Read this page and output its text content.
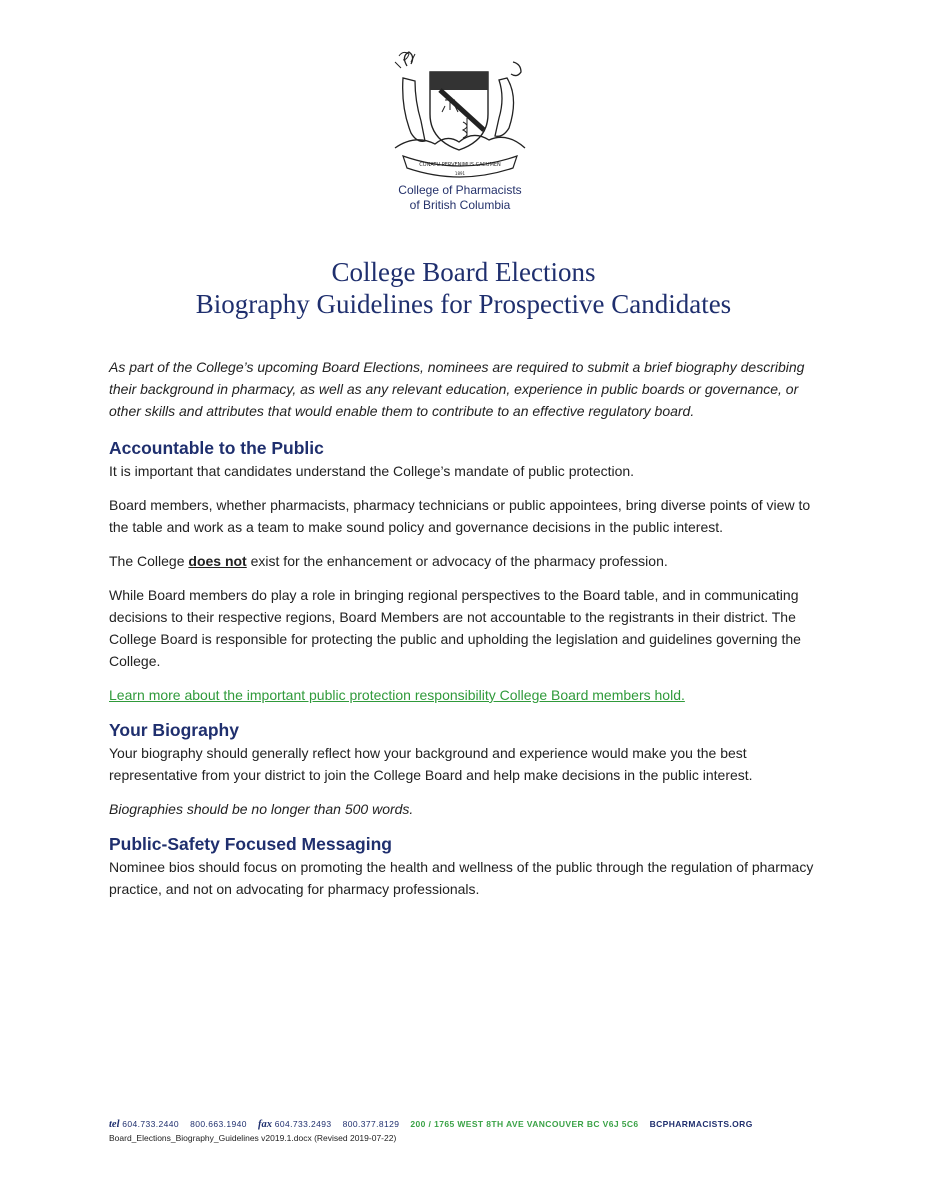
CONATU PERVENIMUS CACUMEN
1891
College of Pharmacists
of British Columbia
College Board Elections
Biography Guidelines for Prospective Candidates

As part of the College’s upcoming Board Elections, nominees are required to submit a brief biography describing their background in pharmacy, as well as any relevant education, experience in public boards or governance, or other skills and attributes that would enable them to contribute to an effective regulatory board.

Accountable to the Public

It is important that candidates understand the College’s mandate of public protection.

Board members, whether pharmacists, pharmacy technicians or public appointees, bring diverse points of view to the table and work as a team to make sound policy and governance decisions in the public interest.

The College does not exist for the enhancement or advocacy of the pharmacy profession.

While Board members do play a role in bringing regional perspectives to the Board table, and in communicating decisions to their respective regions, Board Members are not accountable to the registrants in their district. The College Board is responsible for protecting the public and upholding the legislation and guidelines governing the College.

Learn more about the important public protection responsibility College Board members hold.

Your Biography

Your biography should generally reflect how your background and experience would make you the best representative from your district to join the College Board and help make decisions in the public interest.

Biographies should be no longer than 500 words.

Public-Safety Focused Messaging

Nominee bios should focus on promoting the health and wellness of the public through the regulation of pharmacy practice, and not on advocating for pharmacy professionals.

tel 604.733.2440 800.663.1940 fax 604.733.2493 800.377.8129 200 / 1765 WEST 8TH AVE VANCOUVER BC V6J 5C6 BCPHARMACISTS.ORG
Board_Elections_Biography_Guidelines v2019.1.docx (Revised 2019-07-22)
